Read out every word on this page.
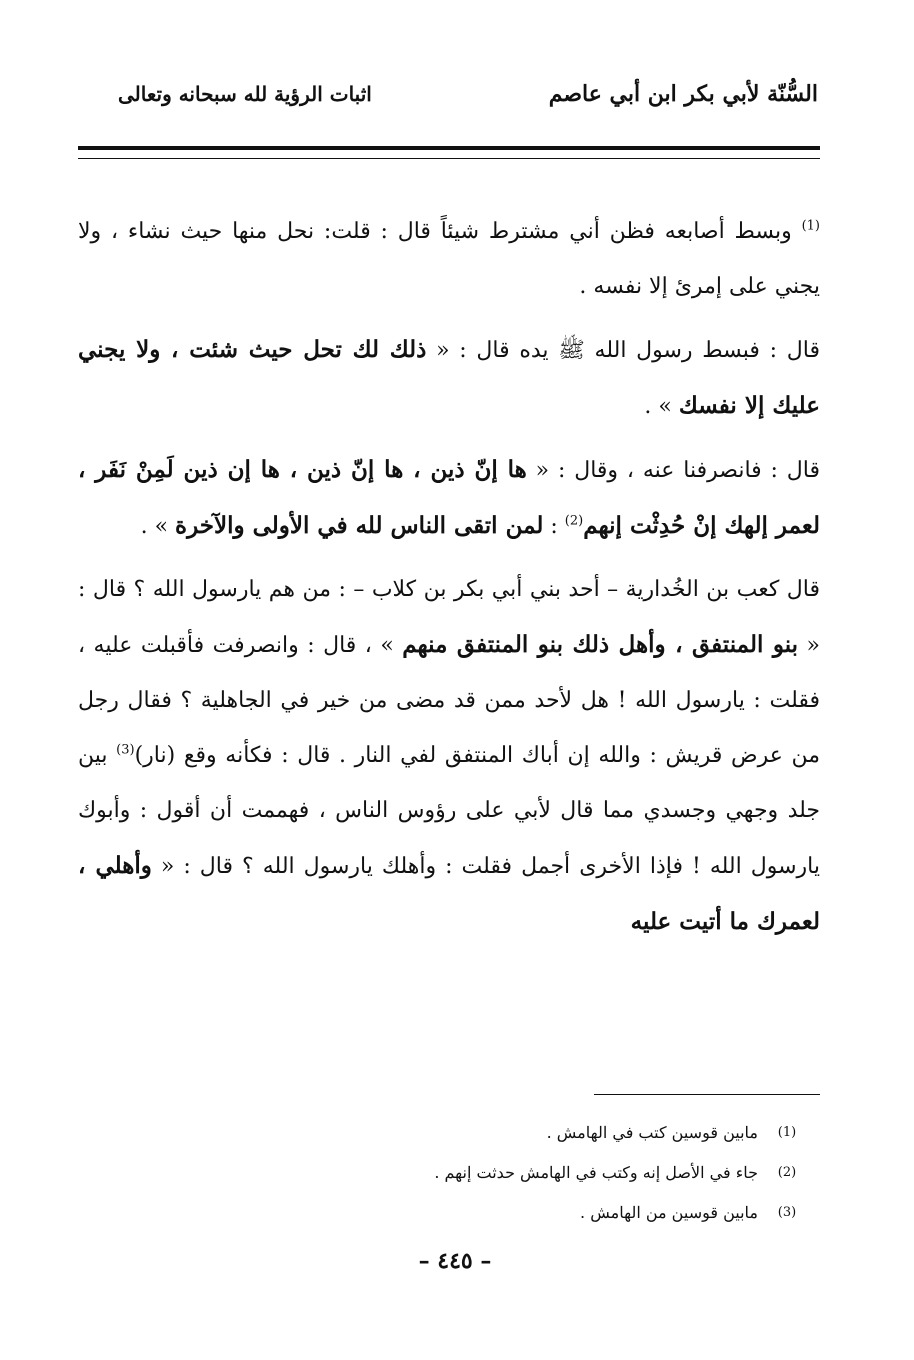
السُّنّة لأبي بكر ابن أبي عاصم
اثبات الرؤية لله سبحانه وتعالى

$^{(1)}$ وبسط أصابعه فظن أني مشترط شيئاً قال : قلت: نحل منها حيث نشاء ، ولا يجني على إمرئ إلا نفسه .

قال : فبسط رسول الله ﷺ يده قال : « ذلك لك تحل حيث شئت ، ولا يجني عليك إلا نفسك » .

قال : فانصرفنا عنه ، وقال : « ها إنّ ذين ، ها إنّ ذين ، ها إن ذين لَمِنْ نَفَر ، لعمر إلهك إنْ حُدِثْت إنهم$^{(2)}$ : لمن اتقى الناس لله في الأولى والآخرة » .

قال كعب بن الخُدارية – أحد بني أبي بكر بن كلاب – : من هم يارسول الله ؟ قال : « بنو المنتفق ، وأهل ذلك بنو المنتفق منهم » ، قال : وانصرفت فأقبلت عليه ، فقلت : يارسول الله ! هل لأحد ممن قد مضى من خير في الجاهلية ؟ فقال رجل من عرض قريش : والله إن أباك المنتفق لفي النار . قال : فكأنه وقع (نار)$^{(3)}$ بين جلد وجهي وجسدي مما قال لأبي على رؤوس الناس ، فهممت أن أقول : وأبوك يارسول الله ! فإذا الأخرى أجمل فقلت : وأهلك يارسول الله ؟ قال : « وأهلي ، لعمرك ما أتيت عليه

(1)
مابين قوسين كتب في الهامش .
(2)
جاء في الأصل إنه وكتب في الهامش حدثت إنهم .
(3)
مابين قوسين من الهامش .
– ٤٤٥ –
